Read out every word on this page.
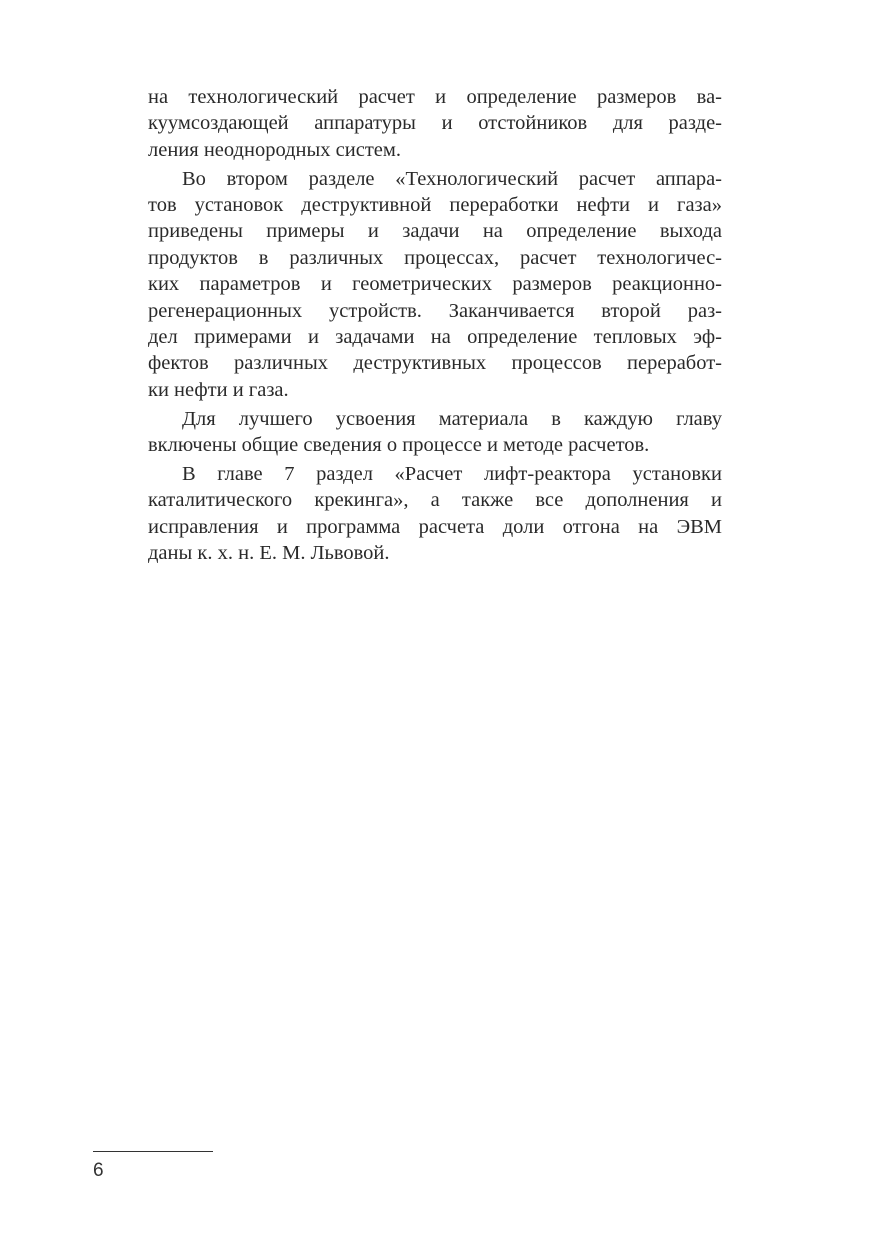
на технологический расчет и определение размеров ва-
куумсоздающей аппаратуры и отстойников для разде-
ления неоднородных систем.
Во втором разделе «Технологический расчет аппара-
тов установок деструктивной переработки нефти и газа»
приведены примеры и задачи на определение выхода
продуктов в различных процессах, расчет технологичес-
ких параметров и геометрических размеров реакционно-
регенерационных устройств. Заканчивается второй раз-
дел примерами и задачами на определение тепловых эф-
фектов различных деструктивных процессов переработ-
ки нефти и газа.
Для лучшего усвоения материала в каждую главу
включены общие сведения о процессе и методе расчетов.
В главе 7 раздел «Расчет лифт-реактора установки
каталитического крекинга», а также все дополнения и
исправления и программа расчета доли отгона на ЭВМ
даны к. х. н. Е. М. Львовой.
6
